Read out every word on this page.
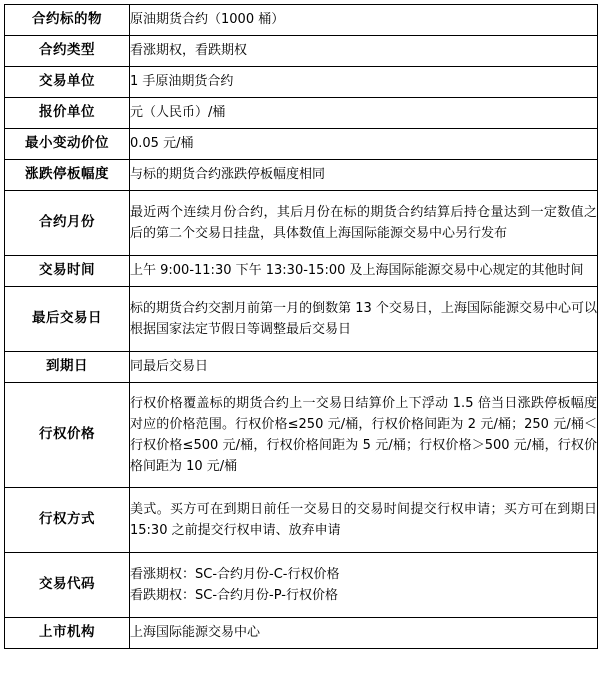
合约标的物	原油期货合约（1000 桶）

合约类型	看涨期权，看跌期权

交易单位	1 手原油期货合约

报价单位	元（人民币）/桶

最小变动价位	0.05 元/桶

涨跌停板幅度	与标的期货合约涨跌停板幅度相同

合约月份	最近两个连续月份合约，其后月份在标的期货合约结算后持仓量达到一定数值之后的第二个交易日挂盘，具体数值上海国际能源交易中心另行发布

交易时间	上午 9:00-11:30 下午 13:30-15:00 及上海国际能源交易中心规定的其他时间

最后交易日	标的期货合约交割月前第一月的倒数第 13 个交易日，上海国际能源交易中心可以根据国家法定节假日等调整最后交易日

到期日	同最后交易日

行权价格	行权价格覆盖标的期货合约上一交易日结算价上下浮动 1.5 倍当日涨跌停板幅度对应的价格范围。行权价格≤250 元/桶，行权价格间距为 2 元/桶；250 元/桶＜行权价格≤500 元/桶，行权价格间距为 5 元/桶；行权价格＞500 元/桶，行权价格间距为 10 元/桶

行权方式	美式。买方可在到期日前任一交易日的交易时间提交行权申请；买方可在到期日 15:30 之前提交行权申请、放弃申请

交易代码	看涨期权：SC-合约月份-C-行权价格
看跌期权：SC-合约月份-P-行权价格

上市机构	上海国际能源交易中心
